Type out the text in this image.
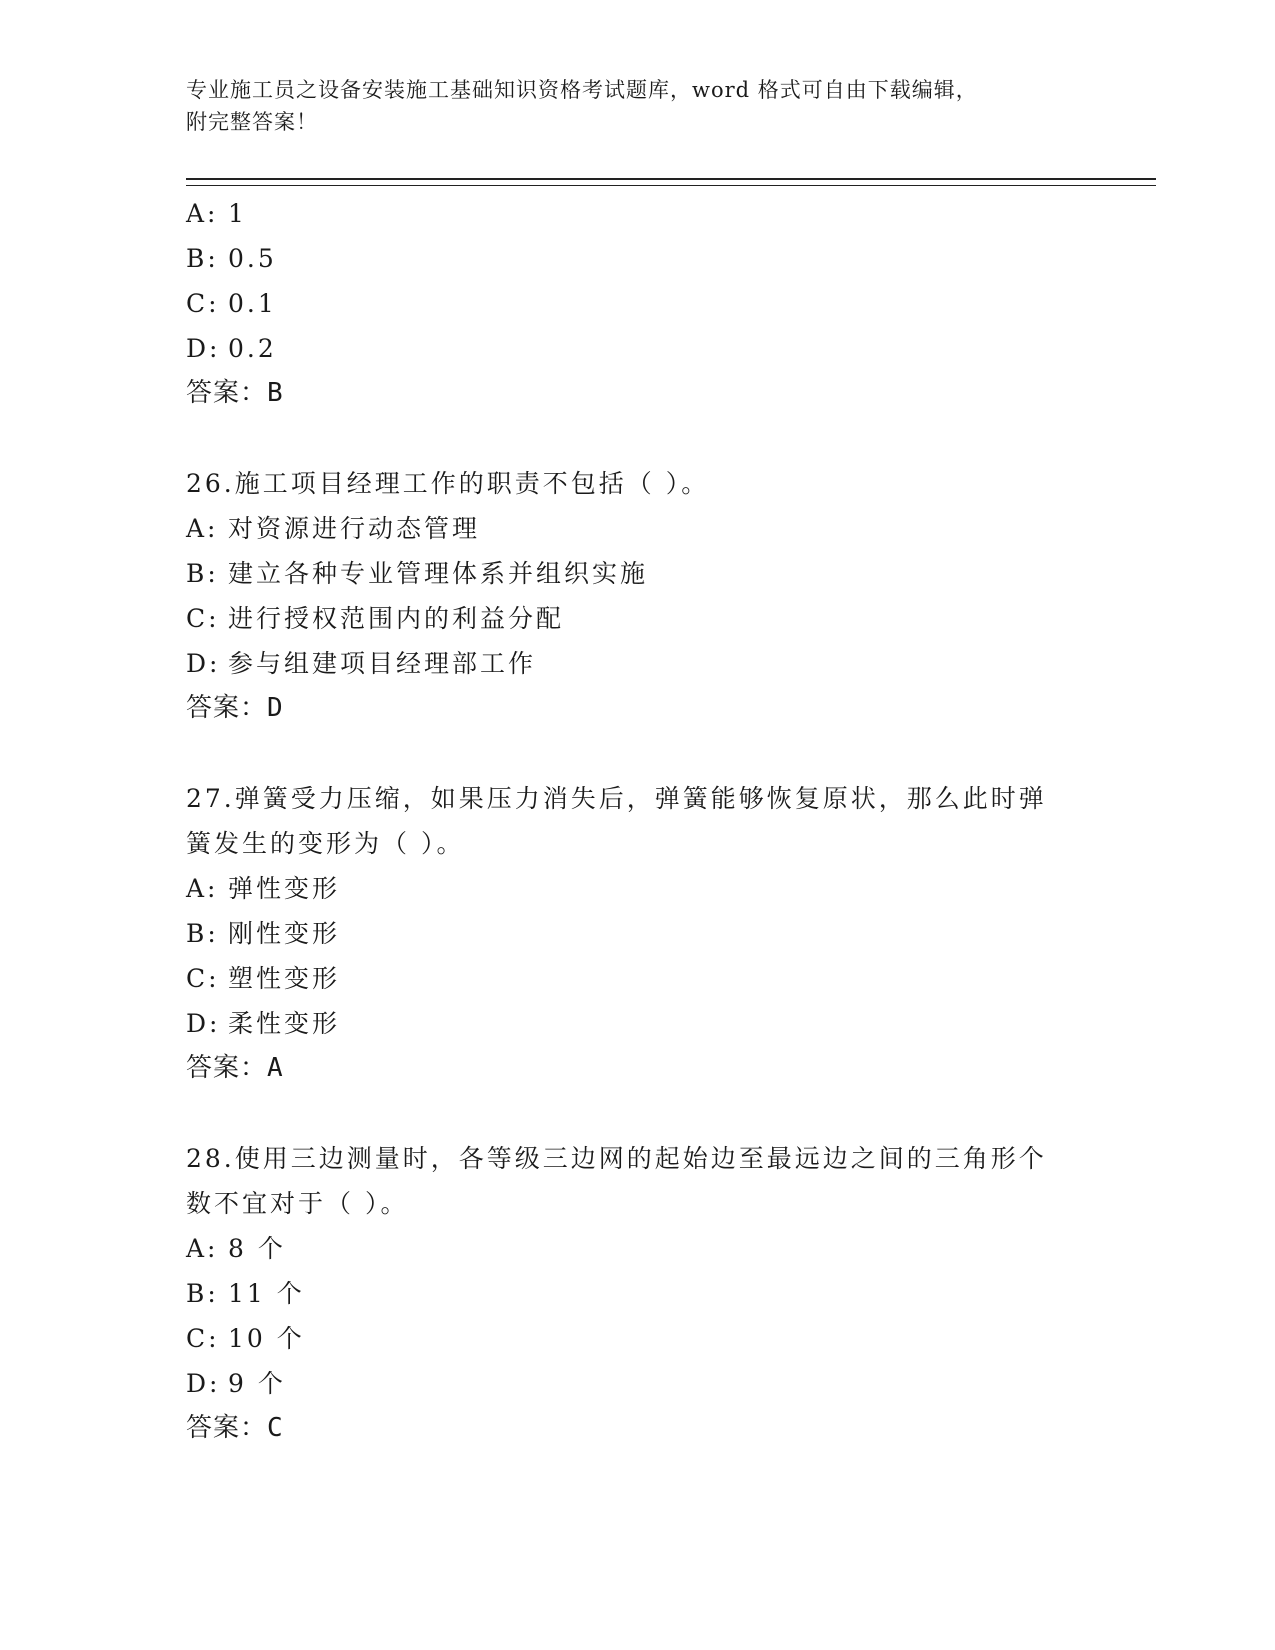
专业施工员之设备安装施工基础知识资格考试题库，word 格式可自由下载编辑，
附完整答案！
A: 1
B: 0.5
C: 0.1
D: 0.2
答案：B
26.施工项目经理工作的职责不包括（ ）。
A: 对资源进行动态管理
B: 建立各种专业管理体系并组织实施
C: 进行授权范围内的利益分配
D: 参与组建项目经理部工作
答案：D
27.弹簧受力压缩，如果压力消失后，弹簧能够恢复原状，那么此时弹
簧发生的变形为（ ）。
A: 弹性变形
B: 刚性变形
C: 塑性变形
D: 柔性变形
答案：A
28.使用三边测量时，各等级三边网的起始边至最远边之间的三角形个
数不宜对于（ ）。
A: 8 个
B: 11 个
C: 10 个
D: 9 个
答案：C
